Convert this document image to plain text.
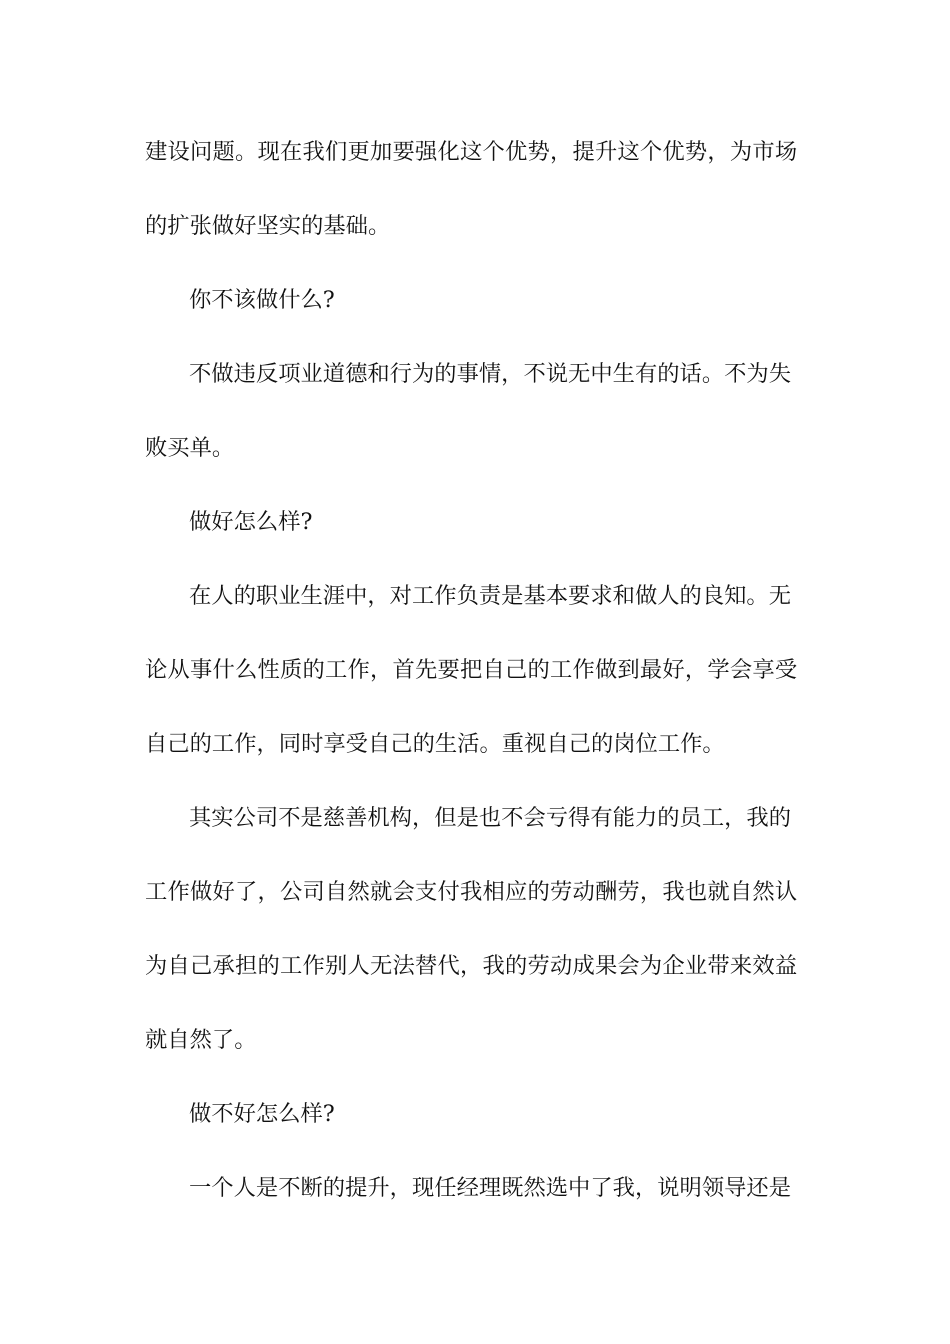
建设问题。现在我们更加要强化这个优势，提升这个优势，为市场
的扩张做好坚实的基础。
你不该做什么?
不做违反项业道德和行为的事情，不说无中生有的话。不为失
败买单。
做好怎么样?
在人的职业生涯中，对工作负责是基本要求和做人的良知。无
论从事什么性质的工作，首先要把自己的工作做到最好，学会享受
自己的工作，同时享受自己的生活。重视自己的岗位工作。
其实公司不是慈善机构，但是也不会亏得有能力的员工，我的
工作做好了，公司自然就会支付我相应的劳动酬劳，我也就自然认
为自己承担的工作别人无法替代，我的劳动成果会为企业带来效益
就自然了。
做不好怎么样?
一个人是不断的提升，现任经理既然选中了我，说明领导还是
